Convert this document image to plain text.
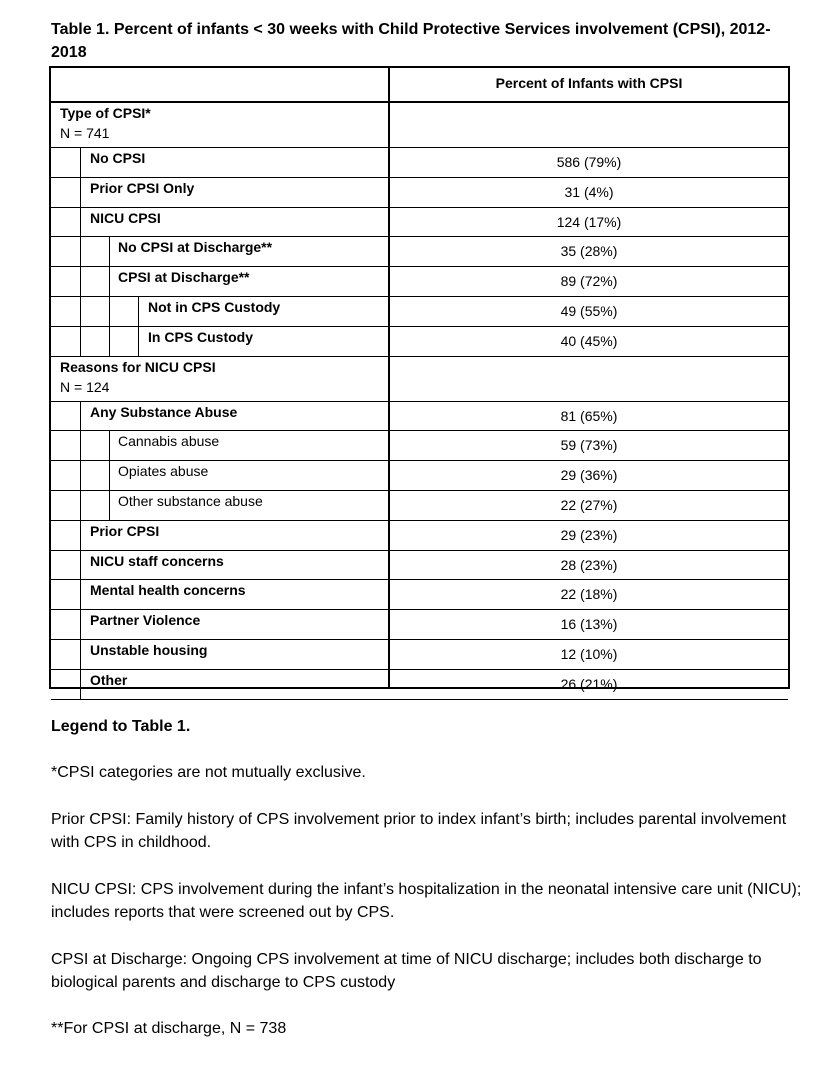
Table 1. Percent of infants < 30 weeks with Child Protective Services involvement (CPSI), 2012-2018
Percent of Infants with CPSI
Type of CPSI*
N = 741
No CPSI	586 (79%)
Prior CPSI Only	31 (4%)
NICU CPSI	124 (17%)
No CPSI at Discharge**	35 (28%)
CPSI at Discharge**	89 (72%)
Not in CPS Custody	49 (55%)
In CPS Custody	40 (45%)
Reasons for NICU CPSI
N = 124
Any Substance Abuse	81 (65%)
Cannabis abuse	59 (73%)
Opiates abuse	29 (36%)
Other substance abuse	22 (27%)
Prior CPSI	29 (23%)
NICU staff concerns	28 (23%)
Mental health concerns	22 (18%)
Partner Violence	16 (13%)
Unstable housing	12 (10%)
Other	26 (21%)
Legend to Table 1.
*CPSI categories are not mutually exclusive.
Prior CPSI: Family history of CPS involvement prior to index infant’s birth; includes parental involvement with CPS in childhood.
NICU CPSI: CPS involvement during the infant’s hospitalization in the neonatal intensive care unit (NICU); includes reports that were screened out by CPS.
CPSI at Discharge: Ongoing CPS involvement at time of NICU discharge; includes both discharge to biological parents and discharge to CPS custody
**For CPSI at discharge, N = 738
